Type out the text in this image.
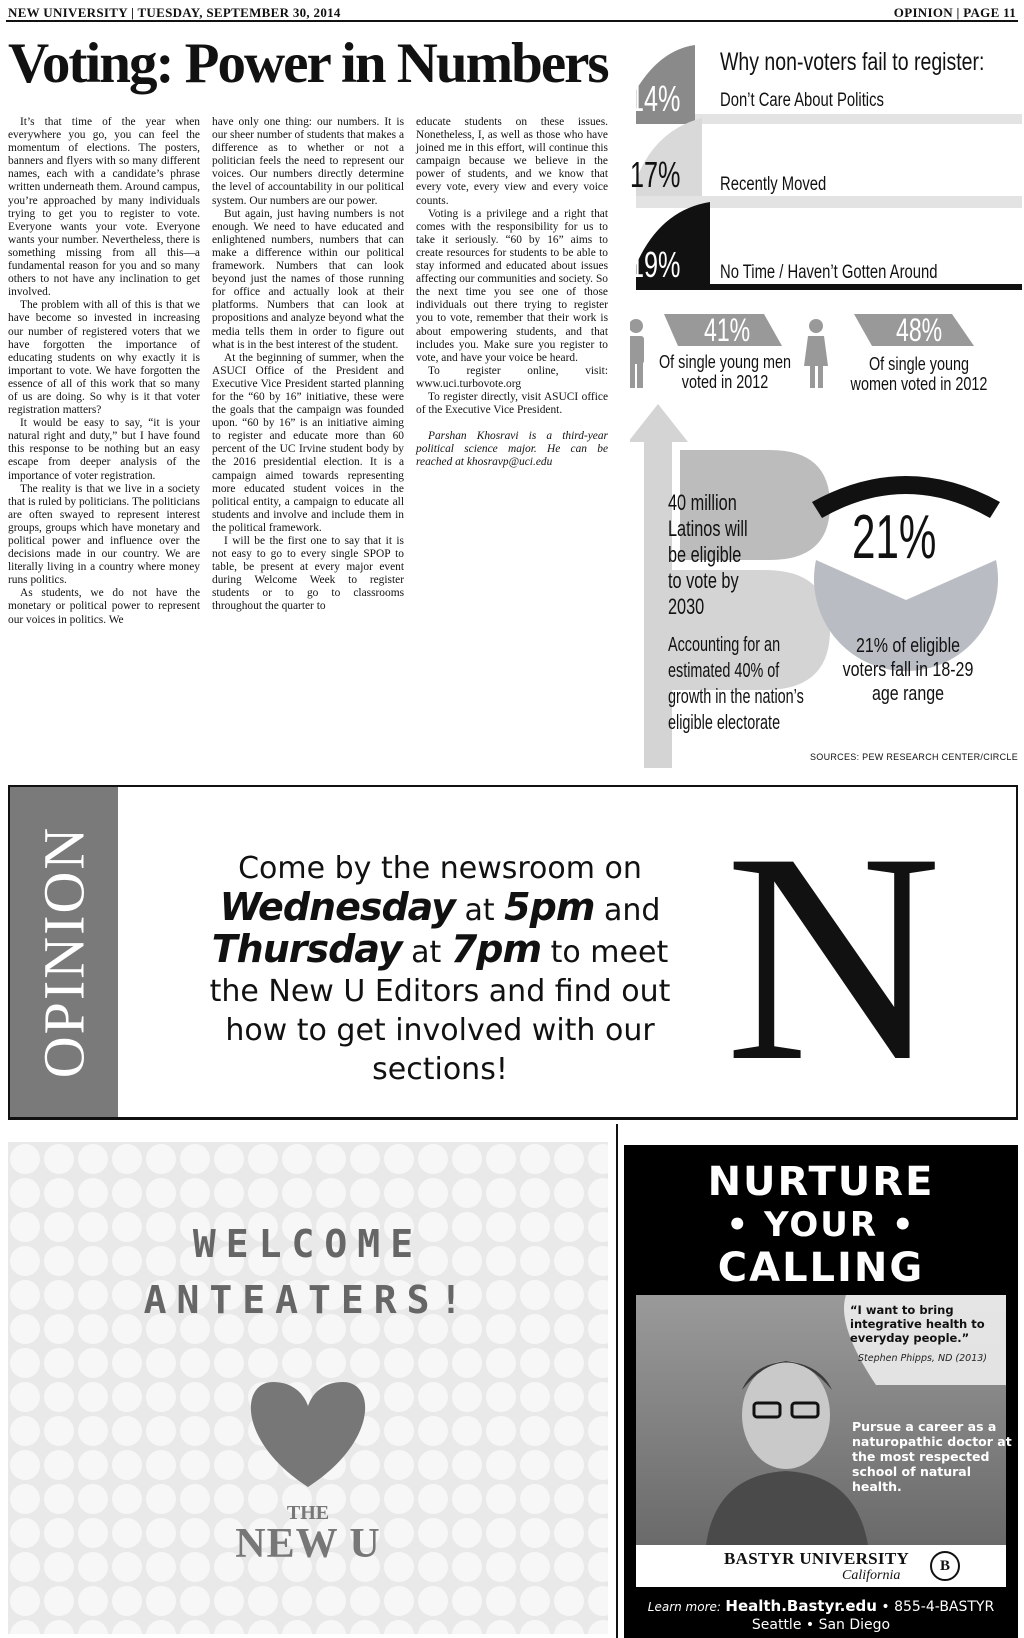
NEW UNIVERSITY | TUESDAY, SEPTEMBER 30, 2014	OPINION | PAGE 11
Voting: Power in Numbers

It’s that time of the year when everywhere you go, you can feel the momentum of elections. The posters, banners and flyers with so many different names, each with a candidate’s phrase written underneath them. Around campus, you’re approached by many individuals trying to get you to register to vote. Everyone wants your vote. Everyone wants your number. Nevertheless, there is something missing from all this—a fundamental reason for you and so many others to not have any inclination to get involved.

The problem with all of this is that we have become so invested in increasing our number of registered voters that we have forgotten the importance of educating students on why exactly it is important to vote. We have forgotten the essence of all of this work that so many of us are doing. So why is it that voter registration matters?

It would be easy to say, “it is your natural right and duty,” but I have found this response to be nothing but an easy escape from deeper analysis of the importance of voter registration.

The reality is that we live in a society that is ruled by politicians. The politicians are often swayed to represent interest groups, groups which have monetary and political power and influence over the decisions made in our country. We are literally living in a country where money runs politics.

As students, we do not have the monetary or political power to represent our voices in politics. We

have only one thing: our numbers. It is our sheer number of students that makes a difference as to whether or not a politician feels the need to represent our voices. Our numbers directly determine the level of accountability in our political system. Our numbers are our power.

But again, just having numbers is not enough. We need to have educated and enlightened numbers, numbers that can make a difference within our political framework. Numbers that can look beyond just the names of those running for office and actually look at their platforms. Numbers that can look at propositions and analyze beyond what the media tells them in order to figure out what is in the best interest of the student.

At the beginning of summer, when the ASUCI Office of the President and Executive Vice President started planning for the “60 by 16” initiative, these were the goals that the campaign was founded upon. “60 by 16” is an initiative aiming to register and educate more than 60 percent of the UC Irvine student body by the 2016 presidential election. It is a campaign aimed towards representing more educated student voices in the political entity, a campaign to educate all students and involve and include them in the political framework.

I will be the first one to say that it is not easy to go to every single SPOP to table, be present at every major event during Welcome Week to register students or to go to classrooms throughout the quarter to

educate students on these issues. Nonetheless, I, as well as those who have joined me in this effort, will continue this campaign because we believe in the power of students, and we know that every vote, every view and every voice counts.

Voting is a privilege and a right that comes with the responsibility for us to take it seriously. “60 by 16” aims to create resources for students to be able to stay informed and educated about issues affecting our communities and society. So the next time you see one of those individuals out there trying to register you to vote, remember that their work is about empowering students, and that includes you. Make sure you register to vote, and have your voice be heard.

To register online, visit: www.uci.turbovote.org

To register directly, visit ASUCI office of the Executive Vice President.

Parshan Khosravi is a third-year political science major. He can be reached at khosravp@uci.edu

Why non-voters fail to register:
14% Don’t Care About Politics
17% Recently Moved
19% No Time / Haven’t Gotten Around
41%	48%
Of single young men voted in 2012
Of single young women voted in 2012
40 million Latinos will be eligible to vote by 2030
Accounting for an estimated 40% of growth in the nation’s eligible electorate
21%
21% of eligible voters fall in 18-29 age range
SOURCES: PEW RESEARCH CENTER/CIRCLE
OPINION	Come by the newsroom on
Wednesday at 5pm and
Thursday at 7pm to meet
the New U Editors and find out
how to get involved with our
sections! N
WELCOME
ANTEATERS!
THE
NEW U
NURTURE
• YOUR •
CALLING
“I want to bring integrative health to everyday people.”
Stephen Phipps, ND (2013)
Pursue a career as a naturopathic doctor at the most respected school of natural health.
BASTYR UNIVERSITY
California
B
Learn more: Health.Bastyr.edu • 855-4-BASTYR
Seattle • San Diego
